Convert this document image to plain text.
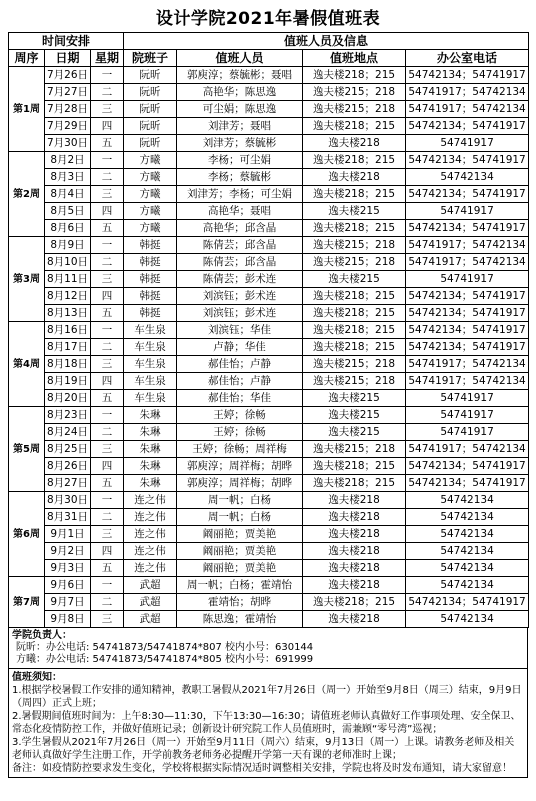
设计学院2021年暑假值班表
时间安排			值班人员及信息			
周序	日期	星期	院班子	值班人员	值班地点	办公室电话
第1周	7月26日	一	阮昕	郭庾淳；蔡毓彬；聂唱	逸夫楼218；215	54742134；54741917
	7月27日	二	阮昕	高艳华；陈思逸	逸夫楼215；218	54741917；54742134
	7月28日	三	阮昕	可尘娟；陈思逸	逸夫楼215；218	54741917；54742134
	7月29日	四	阮昕	刘津芳；聂唱	逸夫楼218；215	54742134；54741917
	7月30日	五	阮昕	刘津芳；蔡毓彬	逸夫楼218	54741917
第2周	8月2日	一	方曦	李杨；可尘娟	逸夫楼218；215	54742134；54741917
	8月3日	二	方曦	李杨；蔡毓彬	逸夫楼218	54742134
	8月4日	三	方曦	刘津芳；李杨；可尘娟	逸夫楼218；215	54742134；54741917
	8月5日	四	方曦	高艳华；聂唱	逸夫楼215	54741917
	8月6日	五	方曦	高艳华；邱含晶	逸夫楼218；215	54742134；54741917
第3周	8月9日	一	韩挺	陈倩芸；邱含晶	逸夫楼215；218	54741917；54742134
	8月10日	二	韩挺	陈倩芸；邱含晶	逸夫楼215；218	54741917；54742134
	8月11日	三	韩挺	陈倩芸；彭术连	逸夫楼215	54741917
	8月12日	四	韩挺	刘滨钰；彭术连	逸夫楼218；215	54742134；54741917
	8月13日	五	韩挺	刘滨钰；彭术连	逸夫楼218；215	54742134；54741917
第4周	8月16日	一	车生泉	刘滨钰；华佳	逸夫楼218；215	54742134；54741917
	8月17日	二	车生泉	卢静；华佳	逸夫楼218；215	54742134；54741917
	8月18日	三	车生泉	郝佳怡；卢静	逸夫楼215；218	54741917；54742134
	8月19日	四	车生泉	郝佳怡；卢静	逸夫楼215；218	54741917；54742134
	8月20日	五	车生泉	郝佳怡；华佳	逸夫楼215	54741917
第5周	8月23日	一	朱琳	王婷；徐畅	逸夫楼215	54741917
	8月24日	二	朱琳	王婷；徐畅	逸夫楼215	54741917
	8月25日	三	朱琳	王婷；徐畅；周祥梅	逸夫楼215；218	54741917；54742134
	8月26日	四	朱琳	郭庾淳；周祥梅；胡晔	逸夫楼218；215	54742134；54741917
	8月27日	五	朱琳	郭庾淳；周祥梅；胡晔	逸夫楼218；215	54742134；54741917
第6周	8月30日	一	连之伟	周一帆；白杨	逸夫楼218	54742134
	8月31日	二	连之伟	周一帆；白杨	逸夫楼218	54742134
	9月1日	三	连之伟	阚丽艳；贾美艳	逸夫楼218	54742134
	9月2日	四	连之伟	阚丽艳；贾美艳	逸夫楼218	54742134
	9月3日	五	连之伟	阚丽艳；贾美艳	逸夫楼218	54742134
第7周	9月6日	一	武超	周一帆；白杨；霍靖怡	逸夫楼218	54742134
	9月7日	二	武超	霍靖怡；胡晔	逸夫楼218；215	54742134；54741917
	9月8日	三	武超	陈思逸；霍靖怡	逸夫楼218	54742134
学院负责人：
阮昕：办公电话: 54741873/54741874*807 校内小号：630144
方曦：办公电话: 54741873/54741874*805 校内小号：691999
值班须知：
1.根据学校暑假工作安排的通知精神，教职工暑假从2021年7月26日（周一）开始至9月8日（周三）结束，9月9日（周四）正式上班；
2.暑假期间值班时间为：上午8:30—11:30，下午13:30—16:30；请值班老师认真做好工作事项处理、安全保卫、常态化疫情防控工作，并做好值班记录；创新设计研究院工作人员值班时，需兼顾“零号湾”巡视；
3.学生暑假从2021年7月26日（周一）开始至9月11日（周六）结束，9月13日（周一）上课。请教务老师及相关老师认真做好学生注册工作，开学前教务老师务必提醒开学第一天有课的老师准时上课；
备注：如疫情防控要求发生变化，学校将根据实际情况适时调整相关安排，学院也将及时发布通知，请大家留意！
